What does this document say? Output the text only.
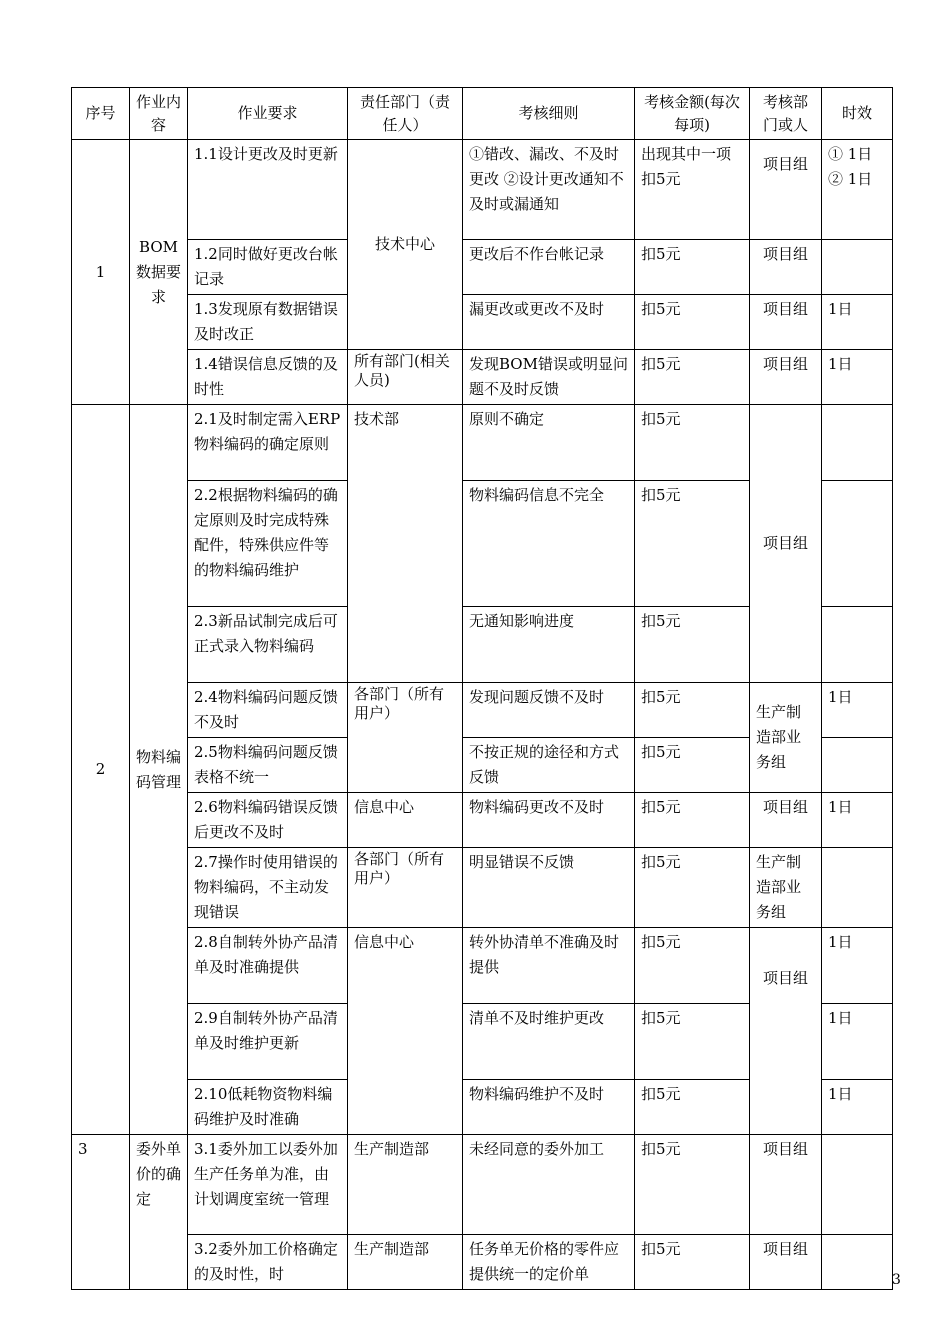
序号	作业内容	作业要求	责任部门（责任人）	考核细则	考核金额(每次每项)	考核部门或人	时效
1	BOM数据要求	1.1设计更改及时更新	技术中心	①错改、漏改、不及时更改 ②设计更改通知不及时或漏通知	出现其中一项扣5元	项目组	① 1日 ② 1日
		1.2同时做好更改台帐记录		更改后不作台帐记录	扣5元	项目组	
		1.3发现原有数据错误及时改正		漏更改或更改不及时	扣5元	项目组	1日
		1.4错误信息反馈的及时性	所有部门(相关人员)	发现BOM错误或明显问题不及时反馈	扣5元	项目组	1日
2	物料编码管理	2.1及时制定需入ERP物料编码的确定原则	技术部	原则不确定	扣5元	项目组	
		2.2根据物料编码的确定原则及时完成特殊配件，特殊供应件等的物料编码维护		物料编码信息不完全	扣5元		
		2.3新品试制完成后可正式录入物料编码		无通知影响进度	扣5元		
		2.4物料编码问题反馈不及时	各部门（所有用户）	发现问题反馈不及时	扣5元	生产制造部业务组	1日
		2.5物料编码问题反馈表格不统一		不按正规的途径和方式反馈	扣5元		
		2.6物料编码错误反馈后更改不及时	信息中心	物料编码更改不及时	扣5元	项目组	1日
		2.7操作时使用错误的物料编码，不主动发现错误	各部门（所有用户）	明显错误不反馈	扣5元	生产制造部业务组	
		2.8自制转外协产品清单及时准确提供	信息中心	转外协清单不准确及时提供	扣5元	项目组	1日
		2.9自制转外协产品清单及时维护更新		清单不及时维护更改	扣5元		1日

		2.10低耗物资物料编码维护及时准确		物料编码维护不及时	扣5元		1日
3	委外单价的确定	3.1委外加工以委外加生产任务单为准，由计划调度室统一管理	生产制造部	未经同意的委外加工	扣5元	项目组	

		3.2委外加工价格确定的及时性，时	生产制造部	任务单无价格的零件应提供统一的定价单	扣5元	项目组	
3
